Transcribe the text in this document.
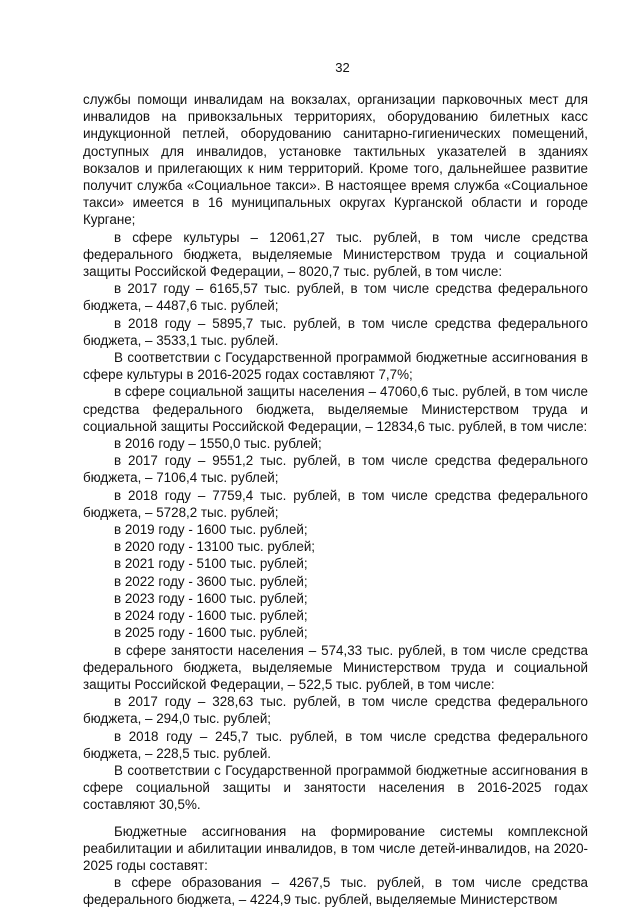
32

службы помощи инвалидам на вокзалах, организации парковочных мест для инвалидов на привокзальных территориях, оборудованию билетных касс индукционной петлей, оборудованию санитарно-гигиенических помещений, доступных для инвалидов, установке тактильных указателей в зданиях вокзалов и прилегающих к ним территорий. Кроме того, дальнейшее развитие получит служба «Социальное такси». В настоящее время служба «Социальное такси» имеется в 16 муниципальных округах Курганской области и городе Кургане;

в сфере культуры – 12061,27 тыс. рублей, в том числе средства федерального бюджета, выделяемые Министерством труда и социальной защиты Российской Федерации, – 8020,7 тыс. рублей, в том числе:

в 2017 году – 6165,57 тыс. рублей, в том числе средства федерального бюджета, – 4487,6 тыс. рублей;

в 2018 году – 5895,7 тыс. рублей, в том числе средства федерального бюджета, – 3533,1 тыс. рублей.

В соответствии с Государственной программой бюджетные ассигнования в сфере культуры в 2016-2025 годах составляют 7,7%;

в сфере социальной защиты населения – 47060,6 тыс. рублей, в том числе средства федерального бюджета, выделяемые Министерством труда и социальной защиты Российской Федерации, – 12834,6 тыс. рублей, в том числе:

в 2016 году – 1550,0 тыс. рублей;

в 2017 году – 9551,2 тыс. рублей, в том числе средства федерального бюджета, – 7106,4 тыс. рублей;

в 2018 году – 7759,4 тыс. рублей, в том числе средства федерального бюджета, – 5728,2 тыс. рублей;

в 2019 году - 1600 тыс. рублей;

в 2020 году - 13100 тыс. рублей;

в 2021 году - 5100 тыс. рублей;

в 2022 году - 3600 тыс. рублей;

в 2023 году - 1600 тыс. рублей;

в 2024 году - 1600 тыс. рублей;

в 2025 году - 1600 тыс. рублей;

в сфере занятости населения – 574,33 тыс. рублей, в том числе средства федерального бюджета, выделяемые Министерством труда и социальной защиты Российской Федерации, – 522,5 тыс. рублей, в том числе:

в 2017 году – 328,63 тыс. рублей, в том числе средства федерального бюджета, – 294,0 тыс. рублей;

в 2018 году – 245,7 тыс. рублей, в том числе средства федерального бюджета, – 228,5 тыс. рублей.

В соответствии с Государственной программой бюджетные ассигнования в сфере социальной защиты и занятости населения в 2016-2025 годах составляют 30,5%.

Бюджетные ассигнования на формирование системы комплексной реабилитации и абилитации инвалидов, в том числе детей-инвалидов, на 2020-2025 годы составят:

в сфере образования – 4267,5 тыс. рублей, в том числе средства федерального бюджета, – 4224,9 тыс. рублей, выделяемые Министерством
